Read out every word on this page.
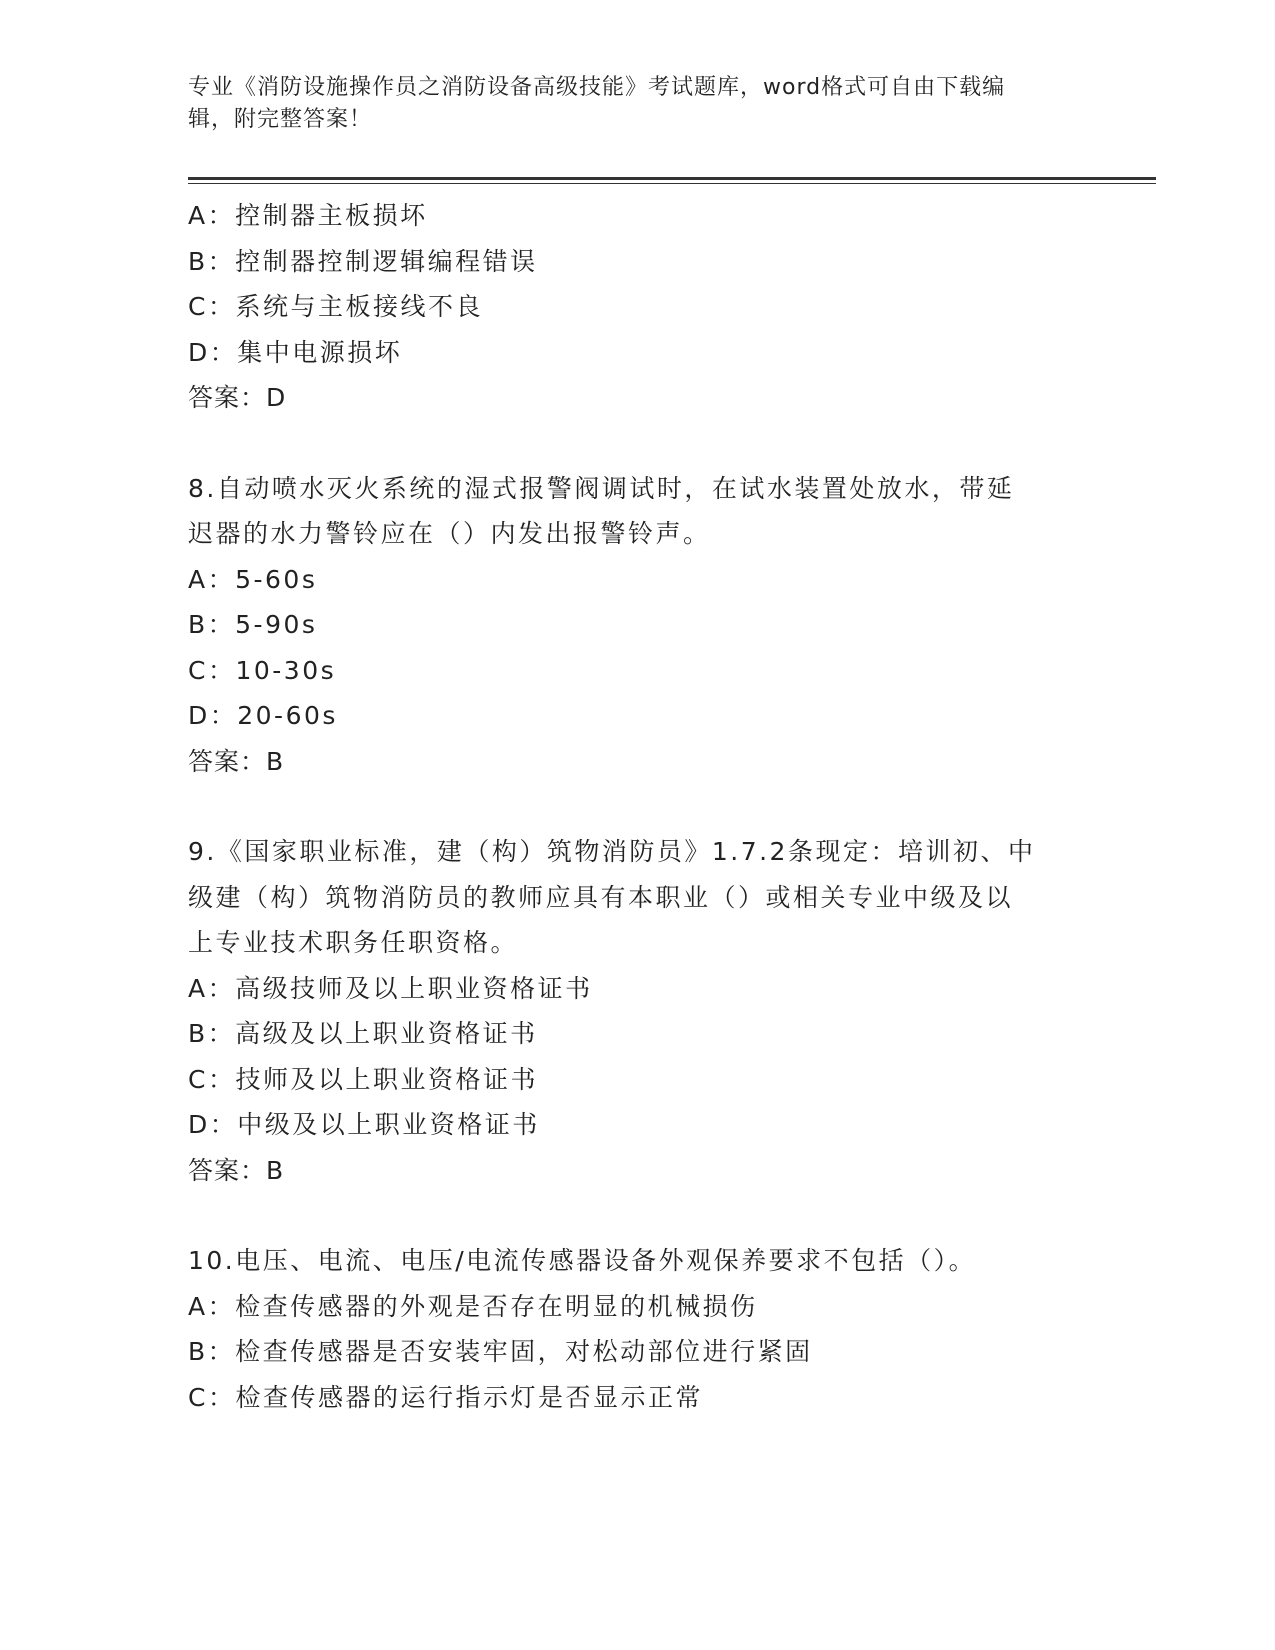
专业《消防设施操作员之消防设备高级技能》考试题库，word格式可自由下载编
辑，附完整答案！
A：控制器主板损坏
B：控制器控制逻辑编程错误
C：系统与主板接线不良
D：集中电源损坏
答案：D
8.自动喷水灭火系统的湿式报警阀调试时，在试水装置处放水，带延
迟器的水力警铃应在（）内发出报警铃声。
A：5-60s
B：5-90s
C：10-30s
D：20-60s
答案：B
9.《国家职业标准，建（构）筑物消防员》1.7.2条现定：培训初、中
级建（构）筑物消防员的教师应具有本职业（）或相关专业中级及以
上专业技术职务任职资格。
A：高级技师及以上职业资格证书
B：高级及以上职业资格证书
C：技师及以上职业资格证书
D：中级及以上职业资格证书
答案：B
10.电压、电流、电压/电流传感器设备外观保养要求不包括（）。
A：检查传感器的外观是否存在明显的机械损伤
B：检查传感器是否安装牢固，对松动部位进行紧固
C：检查传感器的运行指示灯是否显示正常
